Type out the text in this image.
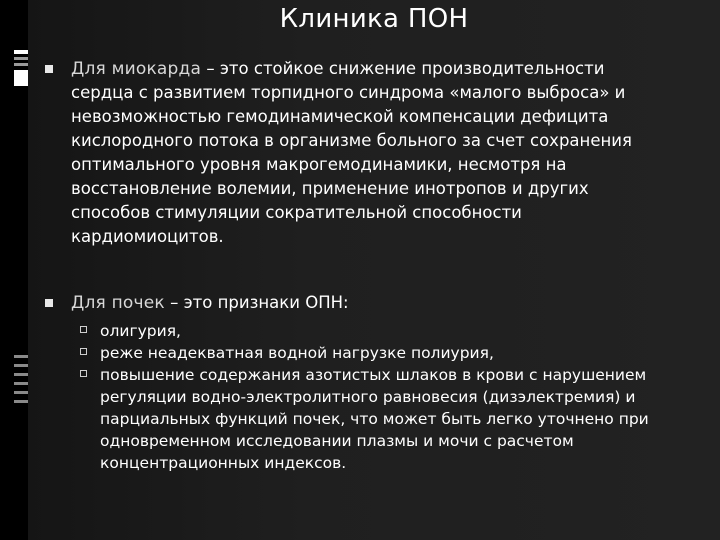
Клиника ПОН
Для миокарда – это стойкое снижение производительности
сердца с развитием торпидного синдрома «малого выброса» и
невозможностью гемодинамической компенсации дефицита
кислородного потока в организме больного за счет сохранения
оптимального уровня макрогемодинамики, несмотря на
восстановление волемии, применение инотропов и других
способов стимуляции сократительной способности
кардиомиоцитов.
Для почек – это признаки ОПН:
олигурия,
реже неадекватная водной нагрузке полиурия,
повышение содержания азотистых шлаков в крови с нарушением
регуляции водно-электролитного равновесия (дизэлектремия) и
парциальных функций почек, что может быть легко уточнено при
одновременном исследовании плазмы и мочи с расчетом
концентрационных индексов.
